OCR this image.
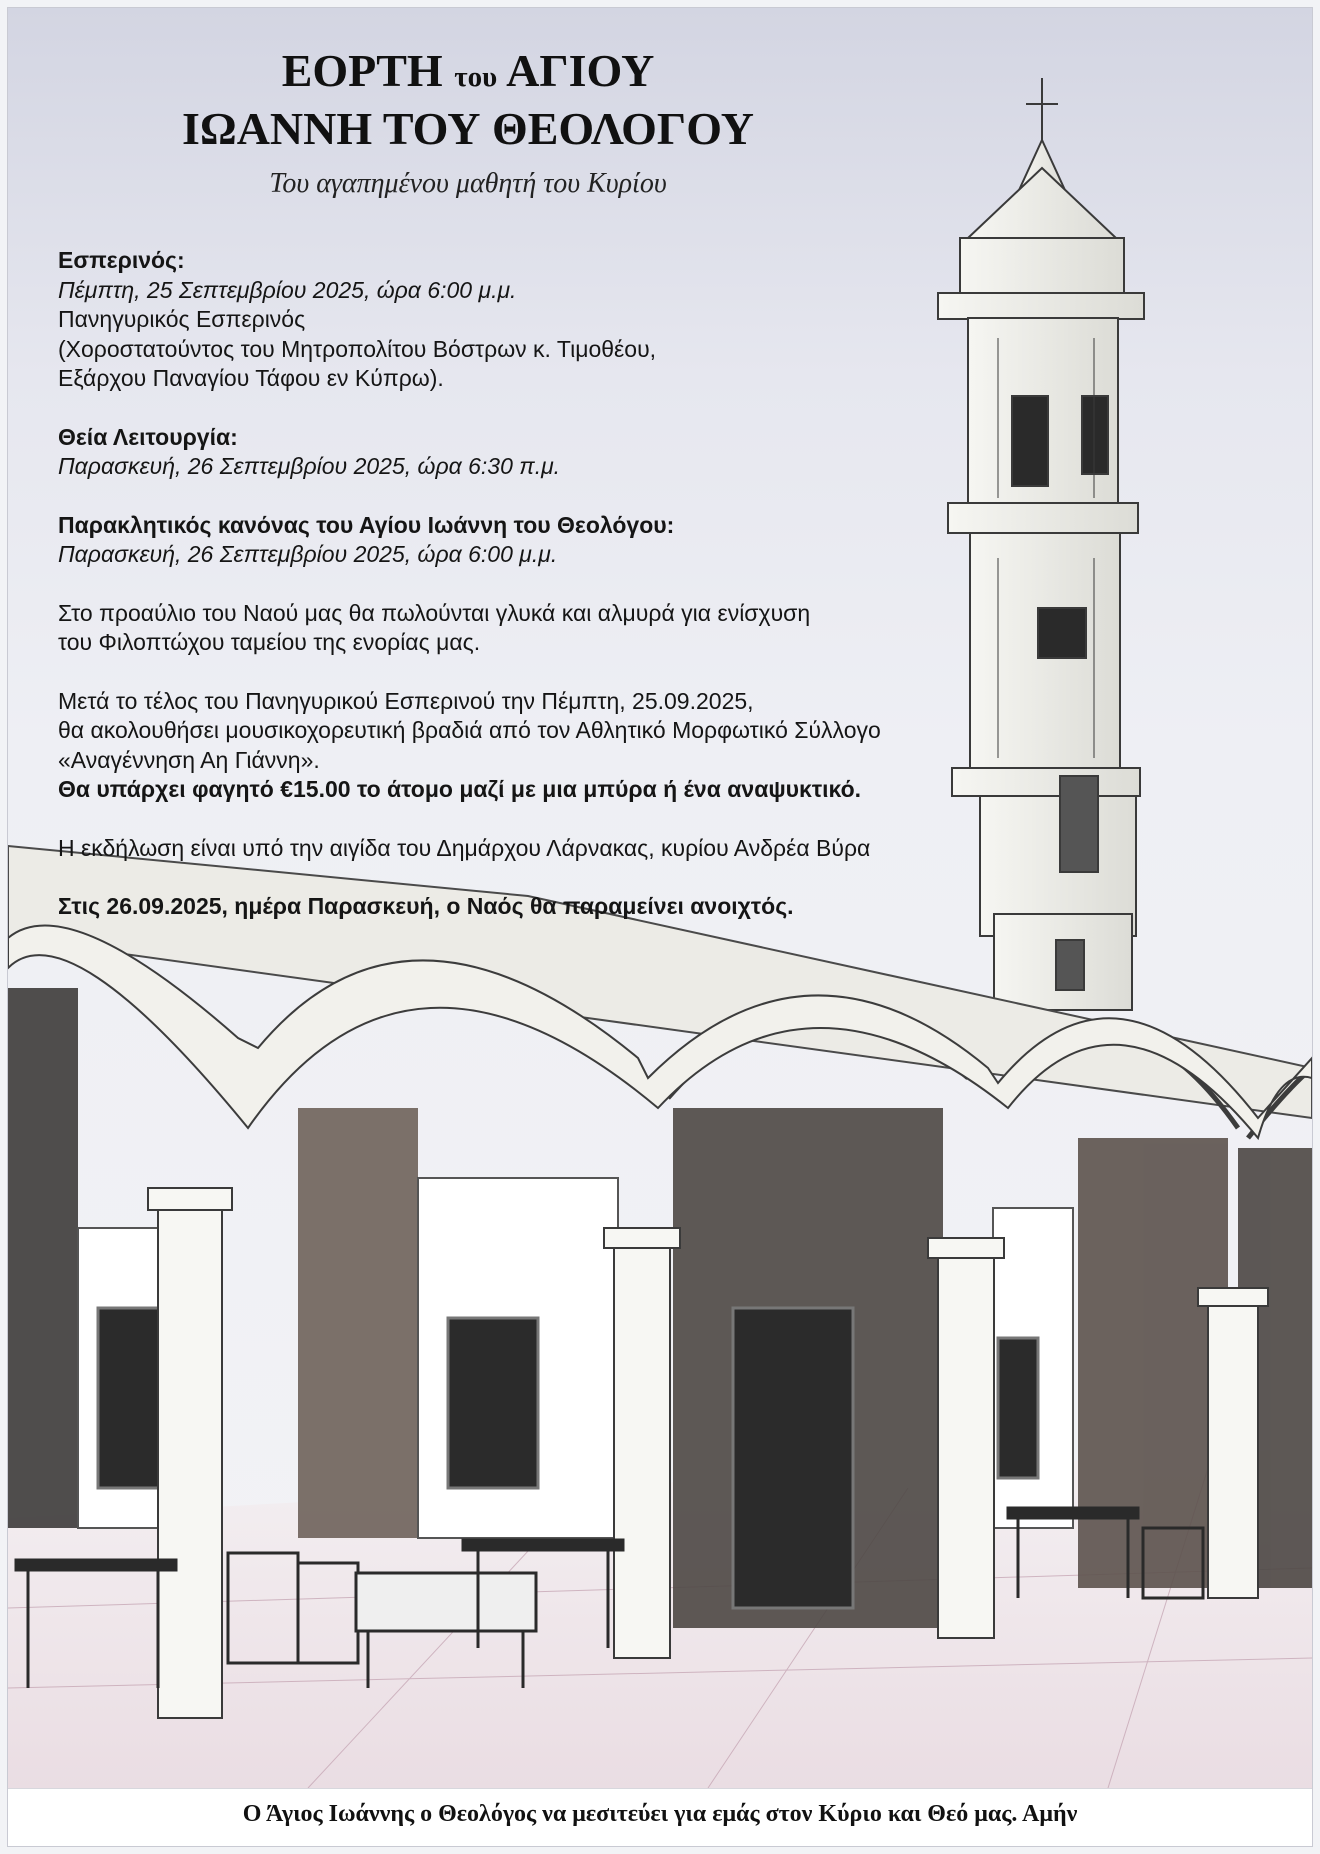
ΕΟΡΤΗ του ΑΓΙΟΥ
ΙΩΑΝΝΗ ΤΟΥ ΘΕΟΛΟΓΟΥ

Του αγαπημένου μαθητή του Κυρίου

Εσπερινός:
Πέμπτη, 25 Σεπτεμβρίου 2025, ώρα 6:00 μ.μ.
Πανηγυρικός Εσπερινός
(Χοροστατούντος του Μητροπολίτου Βόστρων κ. Τιμοθέου,
Εξάρχου Παναγίου Τάφου εν Κύπρω).
Θεία Λειτουργία:
Παρασκευή, 26 Σεπτεμβρίου 2025, ώρα 6:30 π.μ.
Παρακλητικός κανόνας του Αγίου Ιωάννη του Θεολόγου:
Παρασκευή, 26 Σεπτεμβρίου 2025, ώρα 6:00 μ.μ.
Στο προαύλιο του Ναού μας θα πωλούνται γλυκά και αλμυρά για ενίσχυση
του Φιλοπτώχου ταμείου της ενορίας μας.
Μετά το τέλος του Πανηγυρικού Εσπερινού την Πέμπτη, 25.09.2025,
θα ακολουθήσει μουσικοχορευτική βραδιά από τον Αθλητικό Μορφωτικό Σύλλογο
«Αναγέννηση Αη Γιάννη».
Θα υπάρχει φαγητό €15.00 το άτομο μαζί με μια μπύρα ή ένα αναψυκτικό.
Η εκδήλωση είναι υπό την αιγίδα του Δημάρχου Λάρνακας, κυρίου Ανδρέα Βύρα
Στις 26.09.2025, ημέρα Παρασκευή, ο Ναός θα παραμείνει ανοιχτός.
Ο Άγιος Ιωάννης ο Θεολόγος να μεσιτεύει για εμάς στον Κύριο και Θεό μας. Αμήν
